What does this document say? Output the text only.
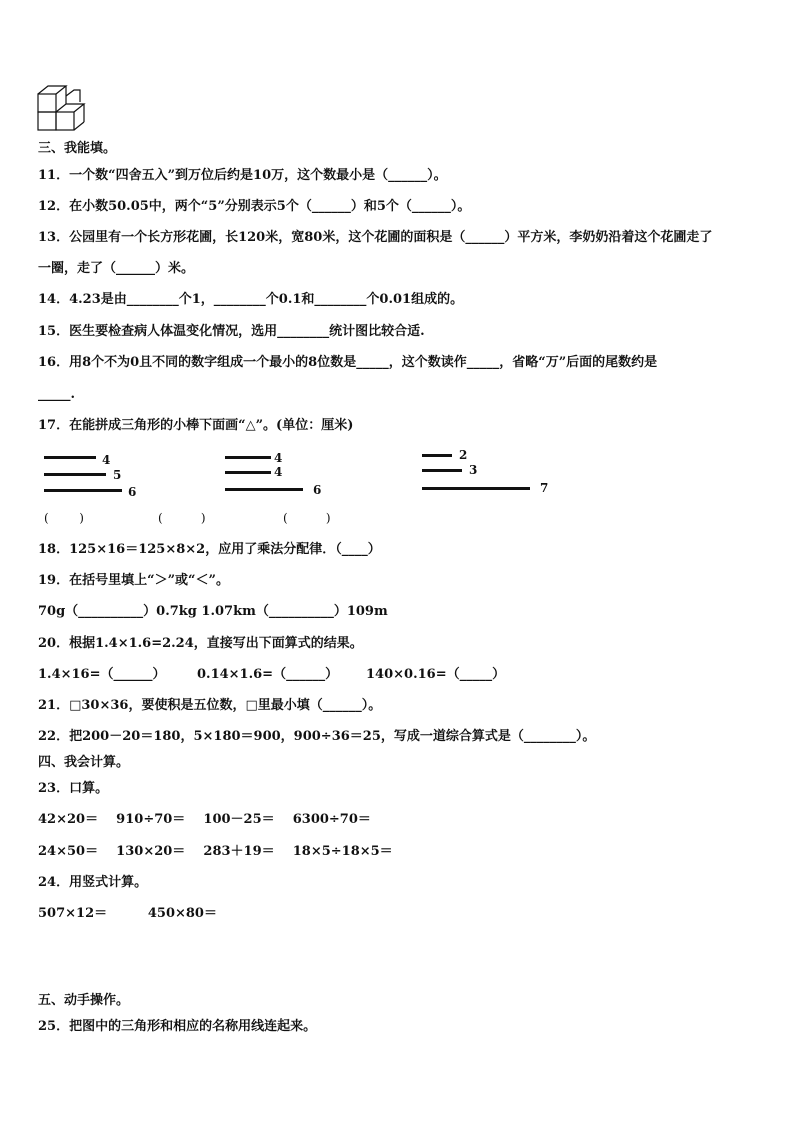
三、我能填。
11．一个数“四舍五入”到万位后约是10万，这个数最小是（______）。
12．在小数50.05中，两个“5”分别表示5个（______）和5个（______）。
13．公园里有一个长方形花圃，长120米，宽80米，这个花圃的面积是（______）平方米，李奶奶沿着这个花圃走了
一圈，走了（______）米。
14．4.23是由________个1，________个0.1和________个0.01组成的。
15．医生要检查病人体温变化情况，选用________统计图比较合适.
16．用8个不为0且不同的数字组成一个最小的8位数是_____，这个数读作_____，省略“万”后面的尾数约是
_____.
17．在能拼成三角形的小棒下面画“△”。(单位：厘米)
4
5
6
(        )
4
4
6
(          )
2
3
7
(          )
18．125×16＝125×8×2，应用了乘法分配律．（____）
19．在括号里填上“＞”或“＜”。
70g（__________）0.7kg 1.07km（__________）109m
20．根据1.4×1.6=2.24，直接写出下面算式的结果。
1.4×16=（______） 0.14×1.6=（______） 140×0.16=（_____）
21．□30×36，要使积是五位数，□里最小填（______）。
22．把200－20＝180，5×180＝900，900÷36＝25，写成一道综合算式是（________）。
四、我会计算。
23．口算。
42×20＝    910÷70＝    100－25＝    6300÷70＝
24×50＝    130×20＝    283＋19＝    18×5÷18×5＝
24．用竖式计算。
507×12＝         450×80＝
五、动手操作。
25．把图中的三角形和相应的名称用线连起来。
